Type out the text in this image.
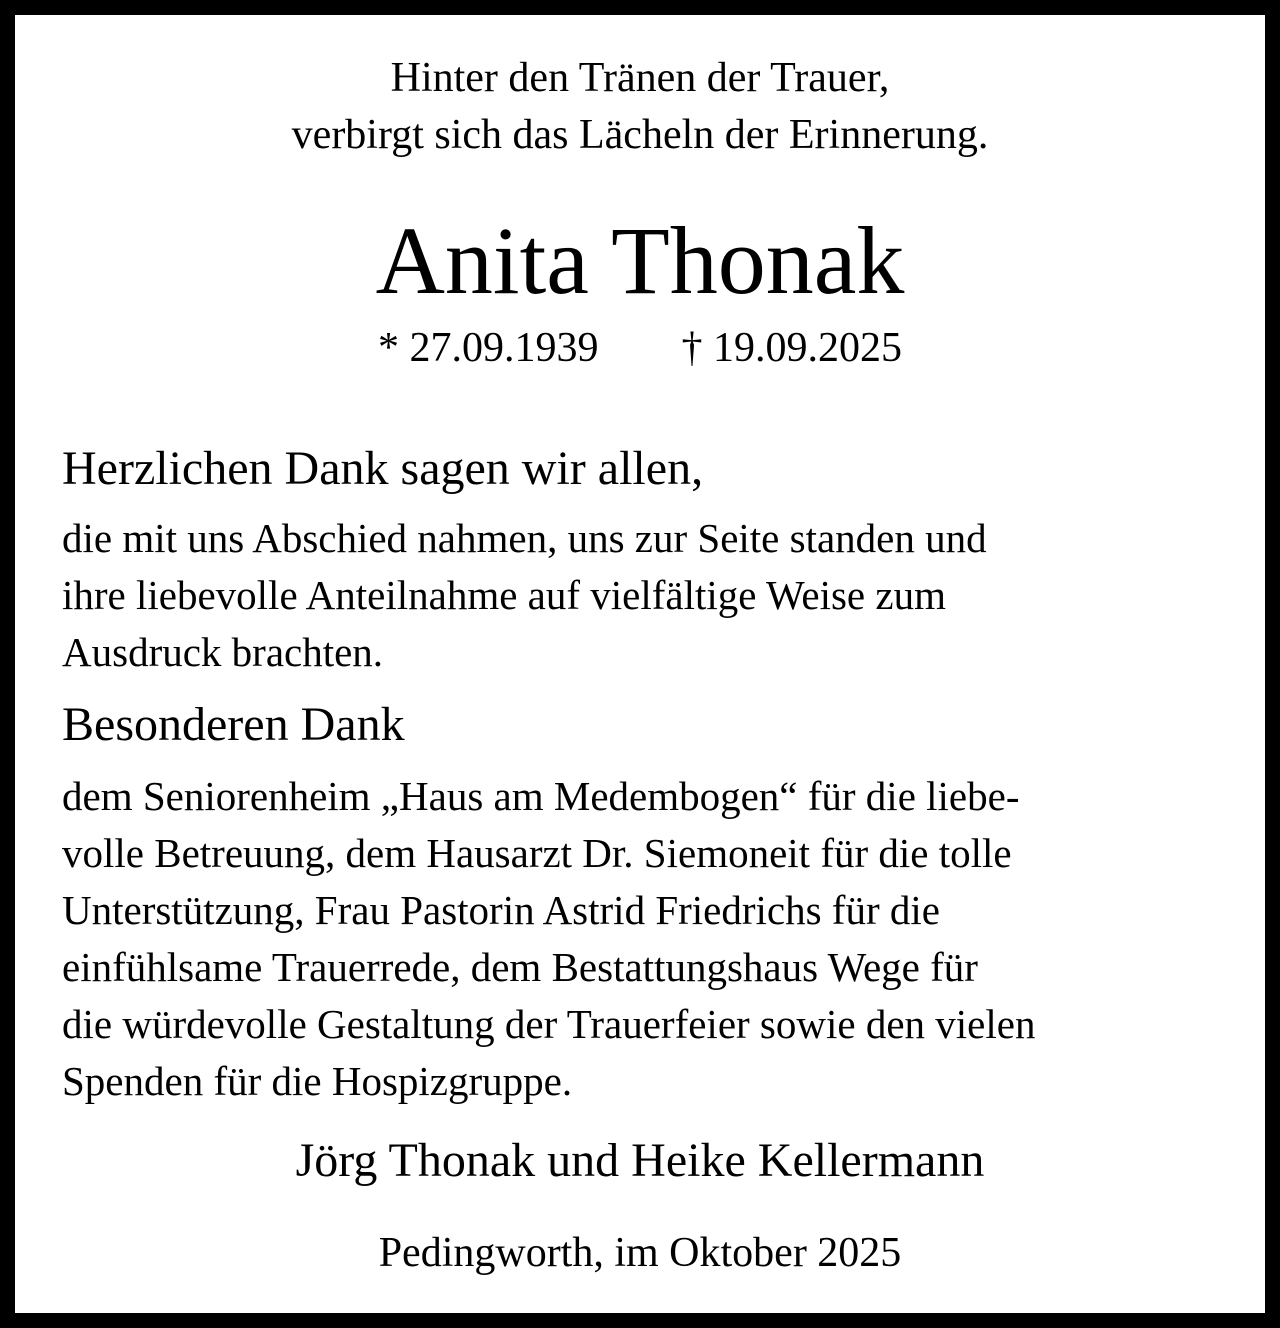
Hinter den Tränen der Trauer,
verbirgt sich das Lächeln der Erinnerung.
Anita Thonak
* 27.09.1939 † 19.09.2025
Herzlichen Dank sagen wir allen,
die mit uns Abschied nahmen, uns zur Seite standen und
ihre liebevolle Anteilnahme auf vielfältige Weise zum
Ausdruck brachten.
Besonderen Dank
dem Seniorenheim „Haus am Medembogen“ für die liebe-
volle Betreuung, dem Hausarzt Dr. Siemoneit für die tolle
Unterstützung, Frau Pastorin Astrid Friedrichs für die
einfühlsame Trauerrede, dem Bestattungshaus Wege für
die würdevolle Gestaltung der Trauerfeier sowie den vielen
Spenden für die Hospizgruppe.
Jörg Thonak und Heike Kellermann
Pedingworth, im Oktober 2025
